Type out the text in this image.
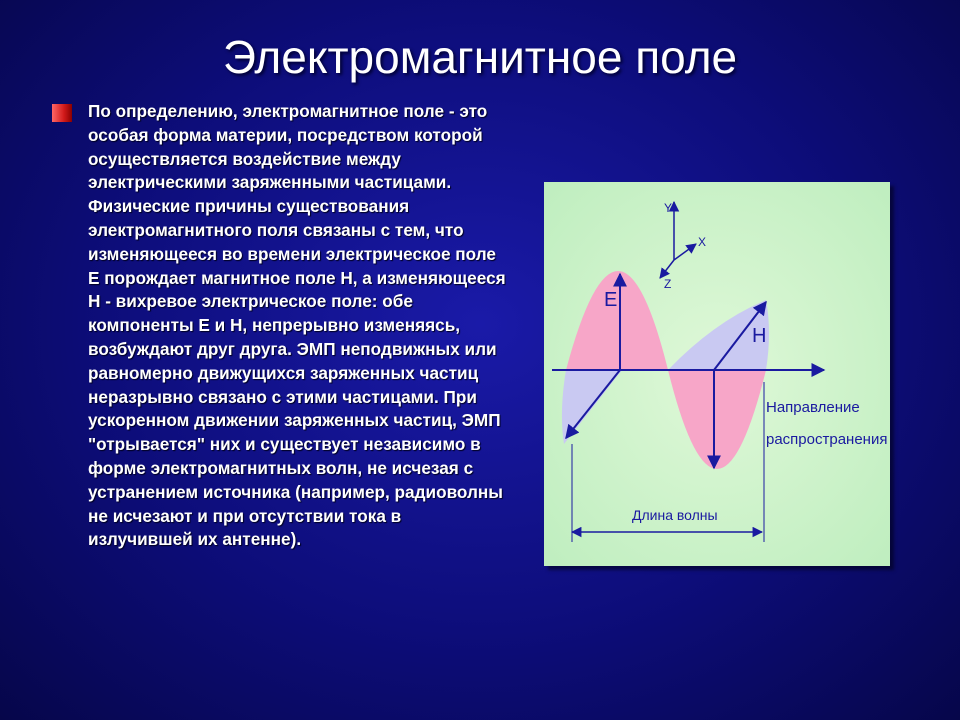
Электромагнитное поле
По определению, электромагнитное поле - это особая форма материи, посредством которой осуществляется воздействие между электрическими заряженными частицами. Физические причины существования электромагнитного поля связаны с тем, что изменяющееся во времени электрическое поле E порождает магнитное поле H, а изменяющееся H - вихревое электрическое поле: обе компоненты E и H, непрерывно изменяясь, возбуждают друг друга. ЭМП неподвижных или равномерно движущихся заряженных частиц неразрывно связано с этими частицами. При ускоренном движении заряженных частиц, ЭМП "отрывается" них и существует независимо в форме электромагнитных волн, не исчезая с устранением источника (например, радиоволны не исчезают и при отсутствии тока в излучившей их антенне).
Y
X
Z
E
H
Направление
распространения
Длина волны
